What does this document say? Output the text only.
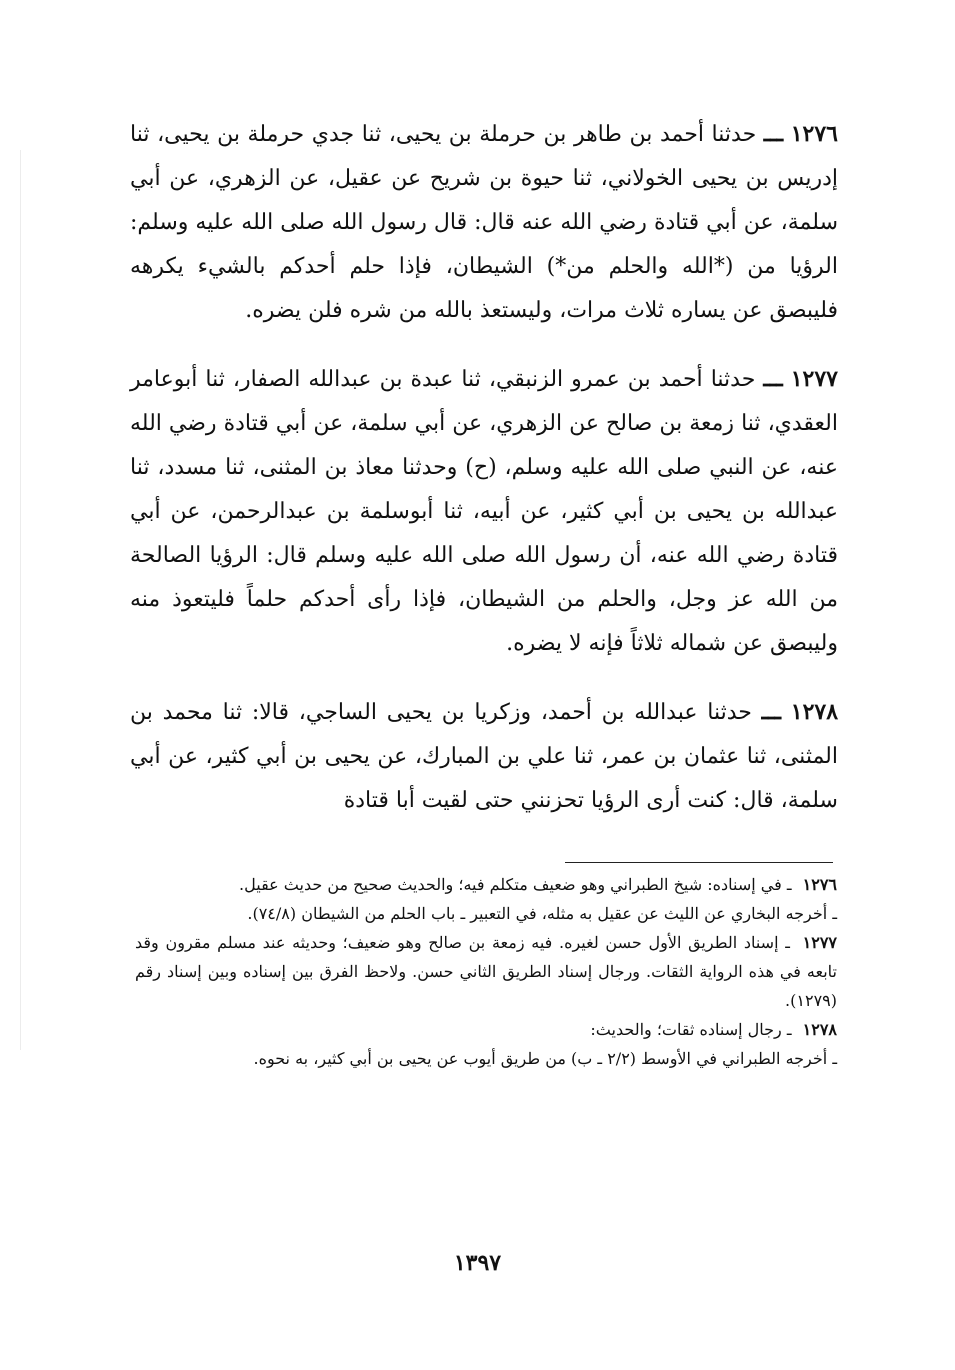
١٢٧٦ ـــ حدثنا أحمد بن طاهر بن حرملة بن يحيى، ثنا جدي حرملة بن يحيى، ثنا إدريس بن يحيى الخولاني، ثنا حيوة بن شريح عن عقيل، عن الزهري، عن أبي سلمة، عن أبي قتادة رضي الله عنه قال: قال رسول الله صلى الله عليه وسلم: الرؤيا من (*الله والحلم من*) الشيطان، فإذا حلم أحدكم بالشيء يكرهه فليبصق عن يساره ثلاث مرات، وليستعذ بالله من شره فلن يضره.

١٢٧٧ ـــ حدثنا أحمد بن عمرو الزنبقي، ثنا عبدة بن عبدالله الصفار، ثنا أبوعامر العقدي، ثنا زمعة بن صالح عن الزهري، عن أبي سلمة، عن أبي قتادة رضي الله عنه، عن النبي صلى الله عليه وسلم، (ح) وحدثنا معاذ بن المثنى، ثنا مسدد، ثنا عبدالله بن يحيى بن أبي كثير، عن أبيه، ثنا أبوسلمة بن عبدالرحمن، عن أبي قتادة رضي الله عنه، أن رسول الله صلى الله عليه وسلم قال: الرؤيا الصالحة من الله عز وجل، والحلم من الشيطان، فإذا رأى أحدكم حلماً فليتعوذ منه وليبصق عن شماله ثلاثاً فإنه لا يضره.

١٢٧٨ ـــ حدثنا عبدالله بن أحمد، وزكريا بن يحيى الساجي، قالا: ثنا محمد بن المثنى، ثنا عثمان بن عمر، ثنا علي بن المبارك، عن يحيى بن أبي كثير، عن أبي سلمة، قال: كنت أرى الرؤيا تحزنني حتى لقيت أبا قتادة

١٢٧٦ ـ في إسناده: شيخ الطبراني وهو ضعيف متكلم فيه؛ والحديث صحيح من حديث عقيل.

ـ أخرجه البخاري عن الليث عن عقيل به مثله، في التعبير ـ باب الحلم من الشيطان (٧٤/٨).

١٢٧٧ ـ إسناد الطريق الأول حسن لغيره. فيه زمعة بن صالح وهو ضعيف؛ وحديثه عند مسلم مقرون وقد تابعه في هذه الرواية الثقات. ورجال إسناد الطريق الثاني حسن. ولاحظ الفرق بين إسناده وبين إسناد رقم (١٢٧٩).

١٢٧٨ ـ رجال إسناده ثقات؛ والحديث:

ـ أخرجه الطبراني في الأوسط (٢/٢ ـ ب) من طريق أيوب عن يحيى بن أبي كثير، به نحوه.

١٣٩٧
